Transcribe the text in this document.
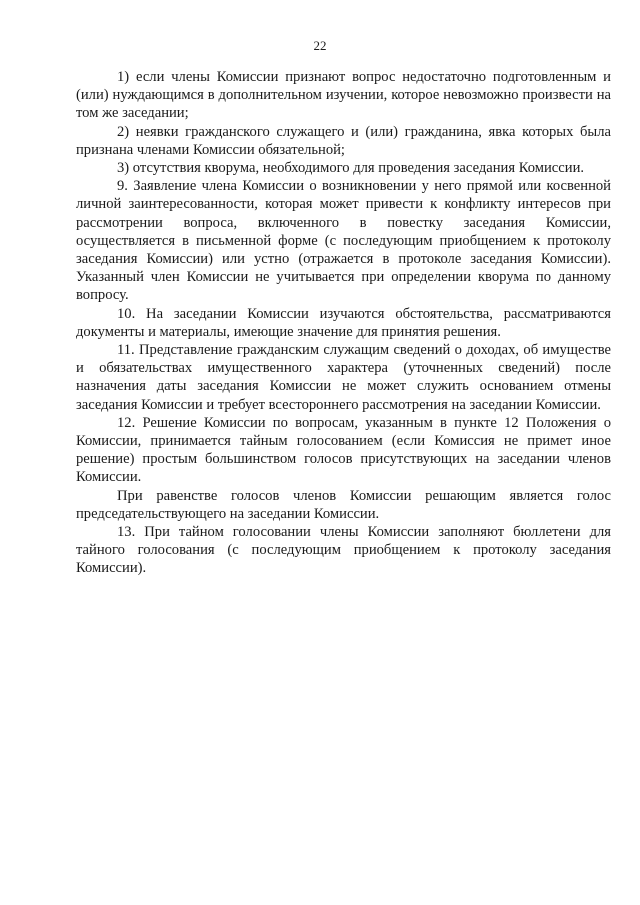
22

1) если члены Комиссии признают вопрос недостаточно подготовленным и (или) нуждающимся в дополнительном изучении, которое невозможно произвести на том же заседании;

2) неявки гражданского служащего и (или) гражданина, явка которых была признана членами Комиссии обязательной;

3) отсутствия кворума, необходимого для проведения заседания Комиссии.

9. Заявление члена Комиссии о возникновении у него прямой или косвенной личной заинтересованности, которая может привести к конфликту интересов при рассмотрении вопроса, включенного в повестку заседания Комиссии, осуществляется в письменной форме (с последующим приобщением к протоколу заседания Комиссии) или устно (отражается в протоколе заседания Комиссии). Указанный член Комиссии не учитывается при определении кворума по данному вопросу.

10. На заседании Комиссии изучаются обстоятельства, рассматриваются документы и материалы, имеющие значение для принятия решения.

11. Представление гражданским служащим сведений о доходах, об имуществе и обязательствах имущественного характера (уточненных сведений) после назначения даты заседания Комиссии не может служить основанием отмены заседания Комиссии и требует всестороннего рассмотрения на заседании Комиссии.

12. Решение Комиссии по вопросам, указанным в пункте 12 Положения о Комиссии, принимается тайным голосованием (если Комиссия не примет иное решение) простым большинством голосов присутствующих на заседании членов Комиссии.

При равенстве голосов членов Комиссии решающим является голос председательствующего на заседании Комиссии.

13. При тайном голосовании члены Комиссии заполняют бюллетени для тайного голосования (с последующим приобщением к протоколу заседания Комиссии).
